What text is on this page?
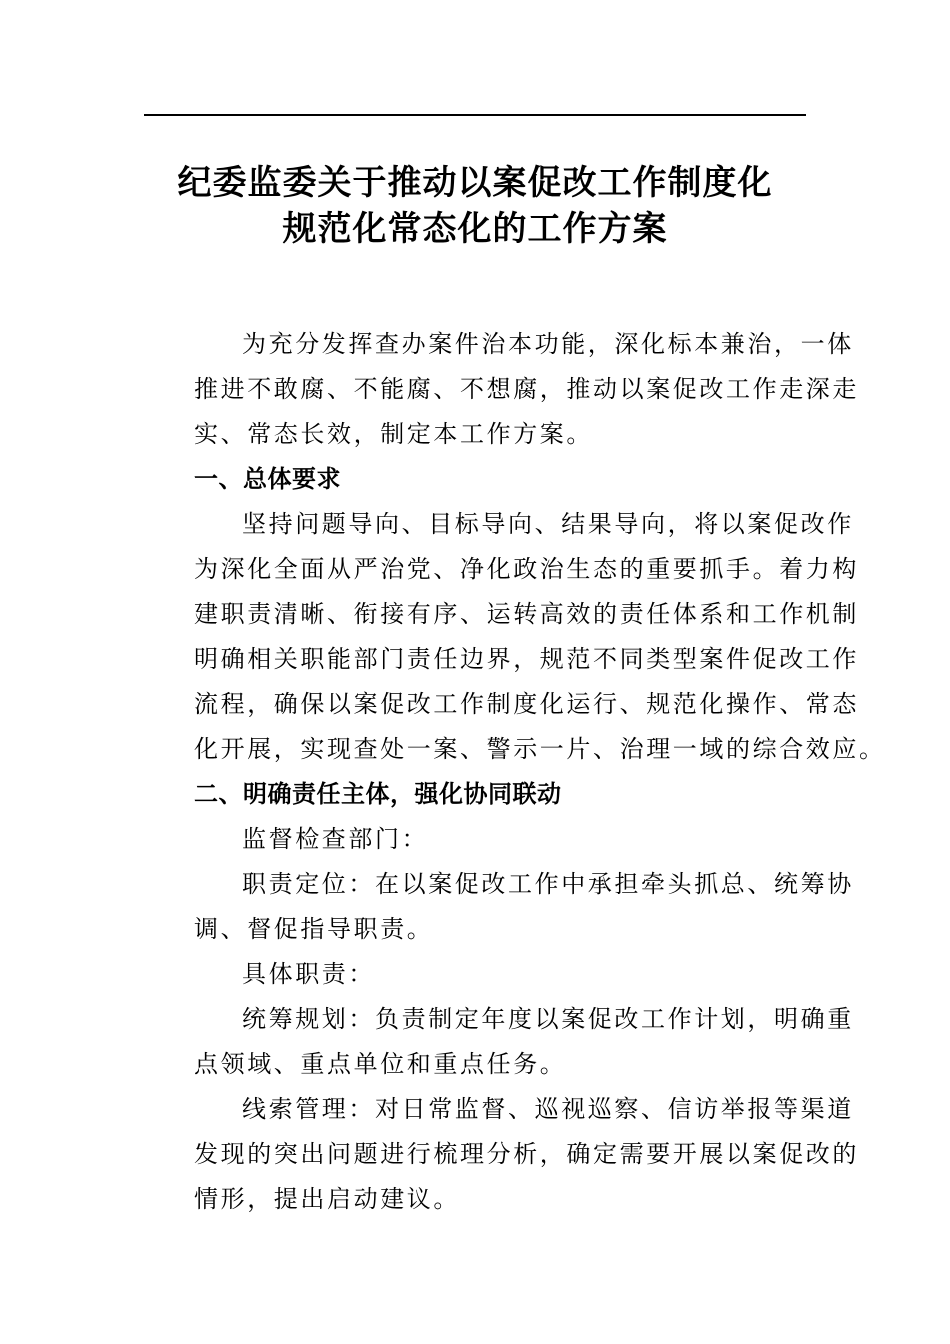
纪委监委关于推动以案促改工作制度化
规范化常态化的工作方案

为充分发挥查办案件治本功能，深化标本兼治，一体
推进不敢腐、不能腐、不想腐，推动以案促改工作走深走
实、常态长效，制定本工作方案。

一、总体要求

坚持问题导向、目标导向、结果导向，将以案促改作
为深化全面从严治党、净化政治生态的重要抓手。着力构
建职责清晰、衔接有序、运转高效的责任体系和工作机制
明确相关职能部门责任边界，规范不同类型案件促改工作
流程，确保以案促改工作制度化运行、规范化操作、常态
化开展，实现查处一案、警示一片、治理一域的综合效应。

二、明确责任主体，强化协同联动

监督检查部门：

职责定位：在以案促改工作中承担牵头抓总、统筹协
调、督促指导职责。

具体职责：

统筹规划：负责制定年度以案促改工作计划，明确重
点领域、重点单位和重点任务。

线索管理：对日常监督、巡视巡察、信访举报等渠道
发现的突出问题进行梳理分析，确定需要开展以案促改的
情形，提出启动建议。
